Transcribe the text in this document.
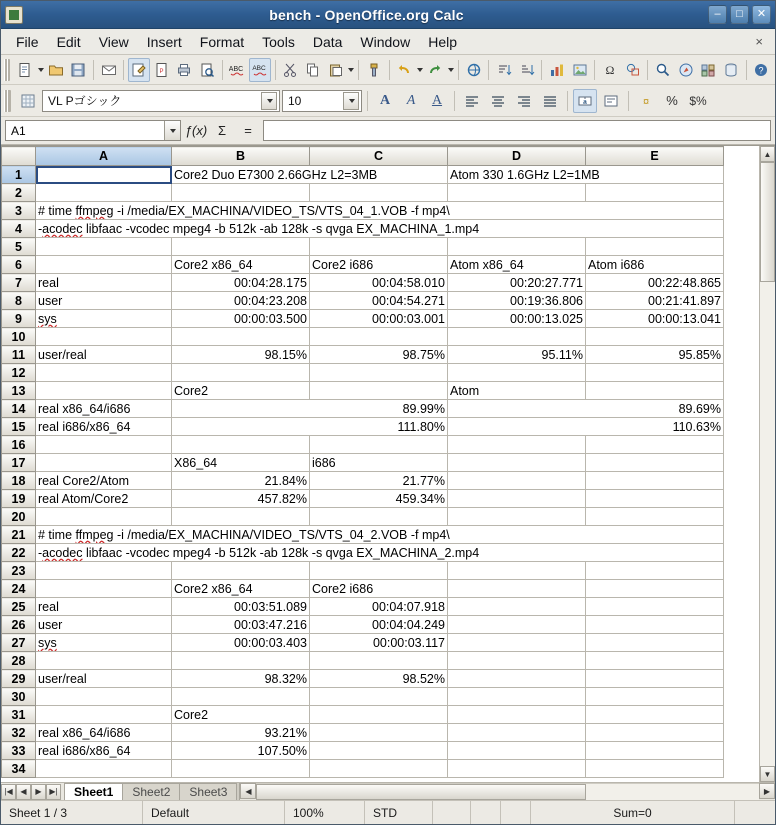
bench - OpenOffice.org Calc	–	□	✕
File	Edit	View	Insert	Format	Tools	Data	Window	Help	×
P	ABC ABC	Ω	?
VL Pゴシック	10	A A A	a	¤ % $%
A1	ƒ(x) Σ	=
	A	B	C	D	E
1		Core2 Duo E7300 2.66GHz L2=3MB		Atom 330 1.6GHz L2=1MB	
2					
3	# time ffmpeg -i /media/EX_MACHINA/VIDEO_TS/VTS_04_1.VOB -f mp4\				
4	-acodec libfaac -vcodec mpeg4 -b 512k -ab 128k -s qvga EX_MACHINA_1.mp4				
5					
6		Core2 x86_64	Core2 i686	Atom x86_64	Atom i686
7	real	00:04:28.175	00:04:58.010	00:20:27.771	00:22:48.865
8	user	00:04:23.208	00:04:54.271	00:19:36.806	00:21:41.897
9	sys	00:00:03.500	00:00:03.001	00:00:13.025	00:00:13.041
10					
11	user/real	98.15%	98.75%	95.11%	95.85%
12					
13		Core2		Atom	
14	real x86_64/i686	89.99%		89.69%	
15	real i686/x86_64	111.80%		110.63%	
16					
17		X86_64	i686		
18	real Core2/Atom	21.84%	21.77%		
19	real Atom/Core2	457.82%	459.34%		
20					
21	# time ffmpeg -i /media/EX_MACHINA/VIDEO_TS/VTS_04_2.VOB -f mp4\				
22	-acodec libfaac -vcodec mpeg4 -b 512k -ab 128k -s qvga EX_MACHINA_2.mp4				
23					
24		Core2 x86_64	Core2 i686		
25	real	00:03:51.089	00:04:07.918		
26	user	00:03:47.216	00:04:04.249		
27	sys	00:00:03.403	00:00:03.117		
28					
29	user/real	98.32%	98.52%		
30					
31		Core2			
32	real x86_64/i686	93.21%			
33	real i686/x86_64	107.50%			
34					
▲
▼
|◀ ◀	▶ ▶|	Sheet1	Sheet2	Sheet3	◀	▶
Sheet 1 / 3	Default	100%	STD	Sum=0
